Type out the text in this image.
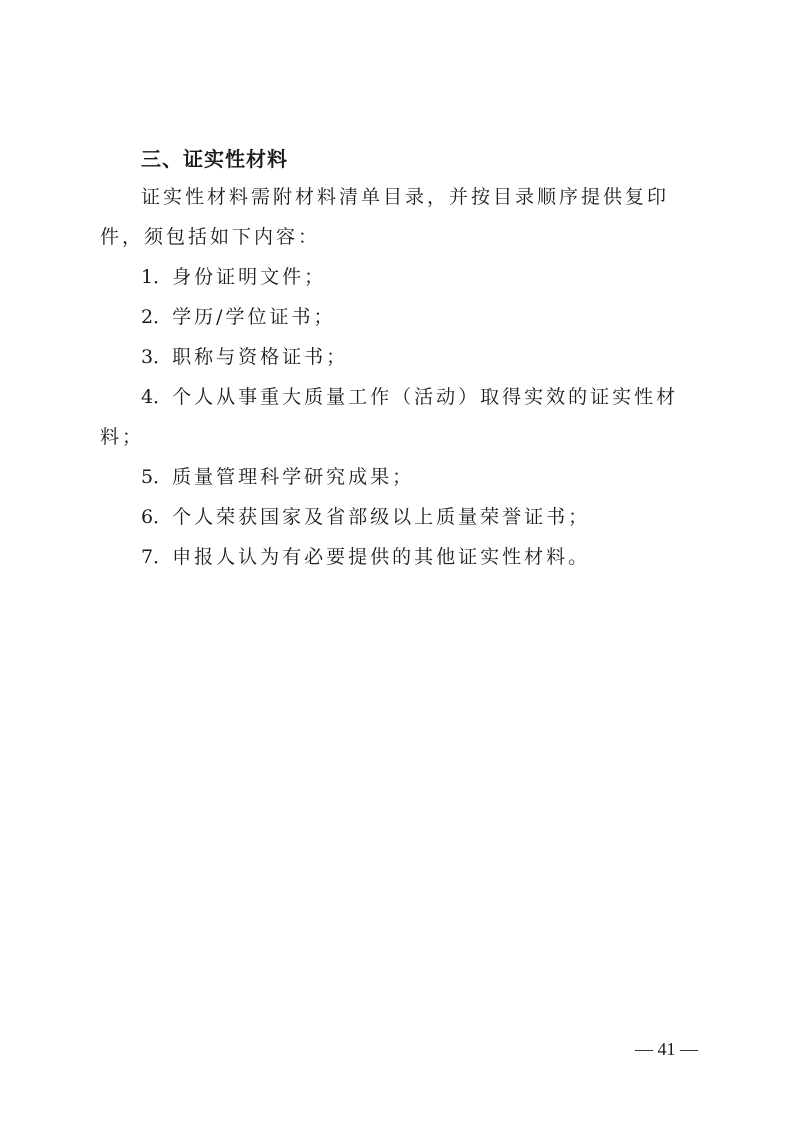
三、证实性材料

证实性材料需附材料清单目录，并按目录顺序提供复印件，须包括如下内容：

1．身份证明文件；

2．学历/学位证书；

3．职称与资格证书；

4．个人从事重大质量工作（活动）取得实效的证实性材料；

5．质量管理科学研究成果；

6．个人荣获国家及省部级以上质量荣誉证书；

7．申报人认为有必要提供的其他证实性材料。

— 41 —
